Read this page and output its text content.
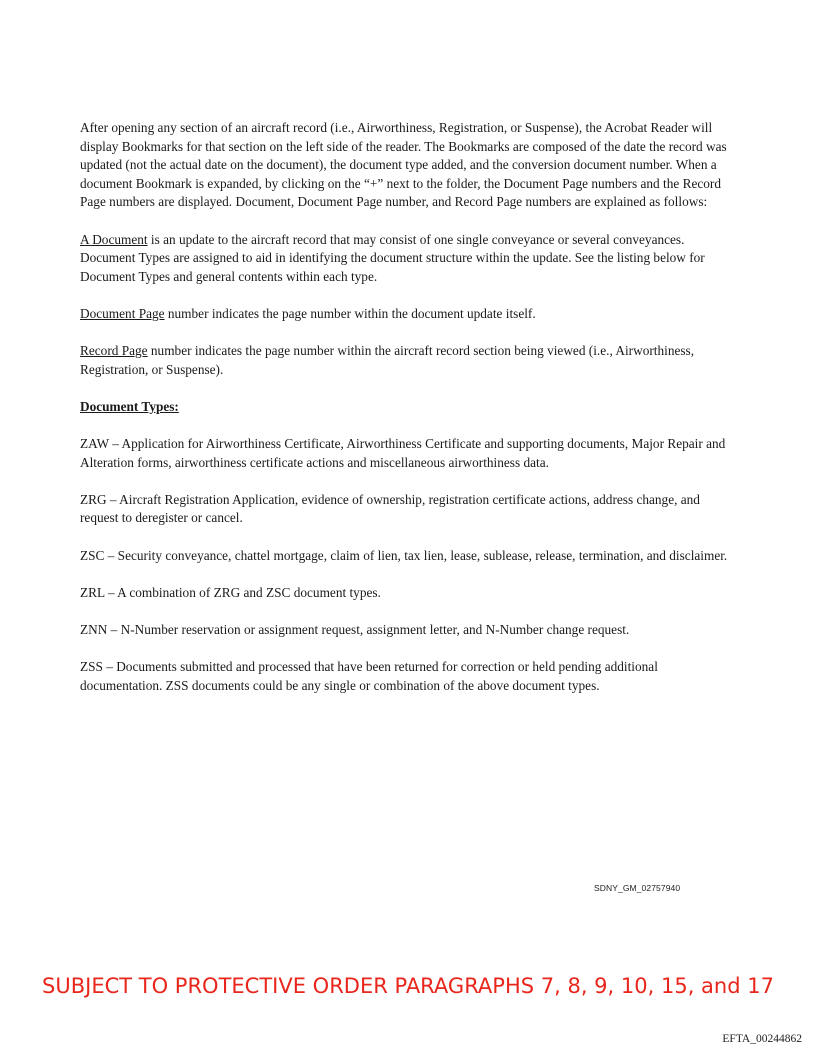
After opening any section of an aircraft record (i.e., Airworthiness, Registration, or Suspense), the Acrobat Reader will display Bookmarks for that section on the left side of the reader. The Bookmarks are composed of the date the record was updated (not the actual date on the document), the document type added, and the conversion document number. When a document Bookmark is expanded, by clicking on the “+” next to the folder, the Document Page numbers and the Record Page numbers are displayed. Document, Document Page number, and Record Page numbers are explained as follows:

A Document is an update to the aircraft record that may consist of one single conveyance or several conveyances. Document Types are assigned to aid in identifying the document structure within the update. See the listing below for Document Types and general contents within each type.

Document Page number indicates the page number within the document update itself.

Record Page number indicates the page number within the aircraft record section being viewed (i.e., Airworthiness, Registration, or Suspense).

Document Types:

ZAW – Application for Airworthiness Certificate, Airworthiness Certificate and supporting documents, Major Repair and Alteration forms, airworthiness certificate actions and miscellaneous airworthiness data.

ZRG – Aircraft Registration Application, evidence of ownership, registration certificate actions, address change, and request to deregister or cancel.

ZSC – Security conveyance, chattel mortgage, claim of lien, tax lien, lease, sublease, release, termination, and disclaimer.

ZRL – A combination of ZRG and ZSC document types.

ZNN – N-Number reservation or assignment request, assignment letter, and N-Number change request.

ZSS – Documents submitted and processed that have been returned for correction or held pending additional documentation. ZSS documents could be any single or combination of the above document types.

SDNY_GM_02757940
SUBJECT TO PROTECTIVE ORDER PARAGRAPHS 7, 8, 9, 10, 15, and 17
EFTA_00244862
